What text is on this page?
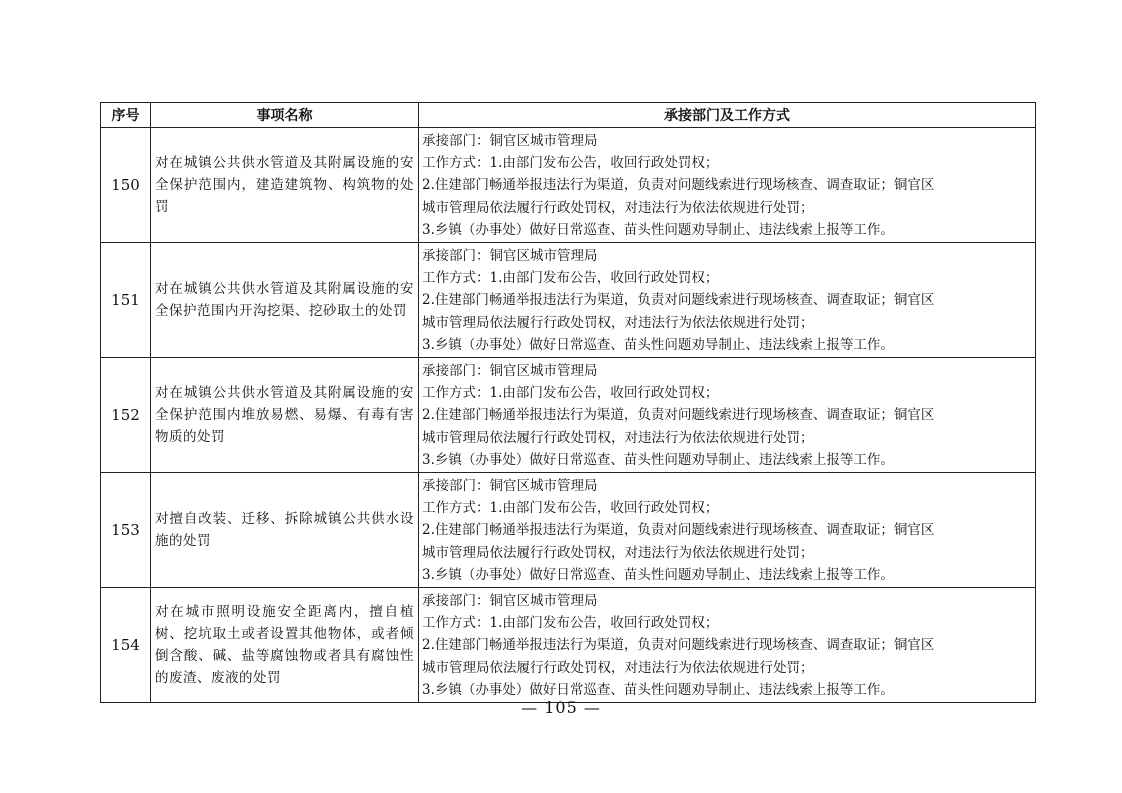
序号	事项名称	承接部门及工作方式
150	对在城镇公共供水管道及其附属设施的安全保护范围内，建造建筑物、构筑物的处罚	承接部门：铜官区城市管理局
工作方式：1.由部门发布公告，收回行政处罚权；
2.住建部门畅通举报违法行为渠道，负责对问题线索进行现场核查、调查取证；铜官区
城市管理局依法履行行政处罚权，对违法行为依法依规进行处罚；
3.乡镇（办事处）做好日常巡查、苗头性问题劝导制止、违法线索上报等工作。

151	对在城镇公共供水管道及其附属设施的安全保护范围内开沟挖渠、挖砂取土的处罚	承接部门：铜官区城市管理局
工作方式：1.由部门发布公告，收回行政处罚权；
2.住建部门畅通举报违法行为渠道，负责对问题线索进行现场核查、调查取证；铜官区
城市管理局依法履行行政处罚权，对违法行为依法依规进行处罚；
3.乡镇（办事处）做好日常巡查、苗头性问题劝导制止、违法线索上报等工作。

152	对在城镇公共供水管道及其附属设施的安全保护范围内堆放易燃、易爆、有毒有害物质的处罚	承接部门：铜官区城市管理局
工作方式：1.由部门发布公告，收回行政处罚权；
2.住建部门畅通举报违法行为渠道，负责对问题线索进行现场核查、调查取证；铜官区
城市管理局依法履行行政处罚权，对违法行为依法依规进行处罚；
3.乡镇（办事处）做好日常巡查、苗头性问题劝导制止、违法线索上报等工作。

153	对擅自改装、迁移、拆除城镇公共供水设施的处罚	承接部门：铜官区城市管理局
工作方式：1.由部门发布公告，收回行政处罚权；
2.住建部门畅通举报违法行为渠道，负责对问题线索进行现场核查、调查取证；铜官区
城市管理局依法履行行政处罚权，对违法行为依法依规进行处罚；
3.乡镇（办事处）做好日常巡查、苗头性问题劝导制止、违法线索上报等工作。

154	对在城市照明设施安全距离内，擅自植树、挖坑取土或者设置其他物体，或者倾倒含酸、碱、盐等腐蚀物或者具有腐蚀性的废渣、废液的处罚	承接部门：铜官区城市管理局
工作方式：1.由部门发布公告，收回行政处罚权；
2.住建部门畅通举报违法行为渠道，负责对问题线索进行现场核查、调查取证；铜官区
城市管理局依法履行行政处罚权，对违法行为依法依规进行处罚；
3.乡镇（办事处）做好日常巡查、苗头性问题劝导制止、违法线索上报等工作。
— 105 —
